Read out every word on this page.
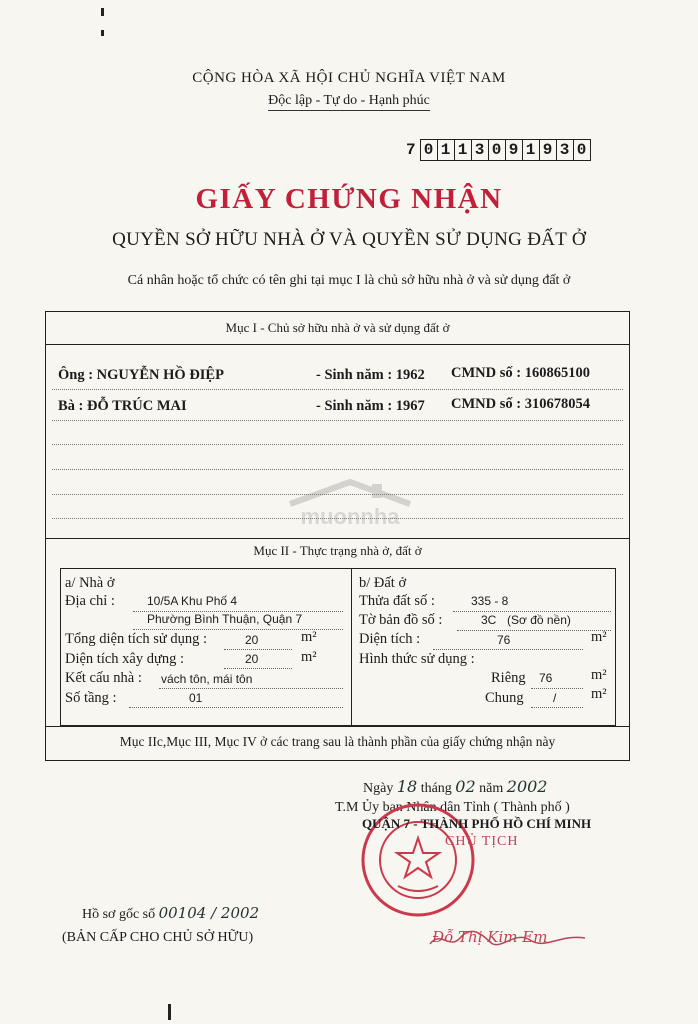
CỘNG HÒA XÃ HỘI CHỦ NGHĨA VIỆT NAM
Độc lập - Tự do - Hạnh phúc
7 0 1 1 3 0 9 1 9 3 0
GIẤY CHỨNG NHẬN
QUYỀN SỞ HỮU NHÀ Ở VÀ QUYỀN SỬ DỤNG ĐẤT Ở
Cá nhân hoặc tổ chức có tên ghi tại mục I là chủ sở hữu nhà ở và sử dụng đất ở
Mục I - Chủ sở hữu nhà ở và sử dụng đất ở
Ông : NGUYỄN HỒ ĐIỆP	- Sinh năm : 1962 CMND số : 160865100
Bà : ĐỖ TRÚC MAI	- Sinh năm : 1967 CMND số : 310678054
Mục II - Thực trạng nhà ở, đất ở
a/ Nhà ở
Địa chỉ :	10/5A Khu Phố 4
Phường Bình Thuận, Quận 7
Tổng diện tích sử dụng :	20	m²
Diện tích xây dựng :	20	m²
Kết cấu nhà : vách tôn, mái tôn
Số tầng :	01
b/ Đất ở
Thửa đất số :	335 - 8
Tờ bản đồ số :	3C (Sơ đồ nền)
Diện tích :	76	m²
Hình thức sử dụng :
Riêng 76	m²
Chung / m²
Mục IIc,Mục III, Mục IV ở các trang sau là thành phần của giấy chứng nhận này
muonnha
Ngày 18 tháng 02 năm 2002
T.M Ủy ban Nhân dân Tỉnh ( Thành phố )
QUẬN 7 - THÀNH PHỐ HỒ CHÍ MINH
CHỦ TỊCH
Đỗ Thị Kim Em
Hồ sơ gốc số 00104 / 2002
(BẢN CẤP CHO CHỦ SỞ HỮU)
